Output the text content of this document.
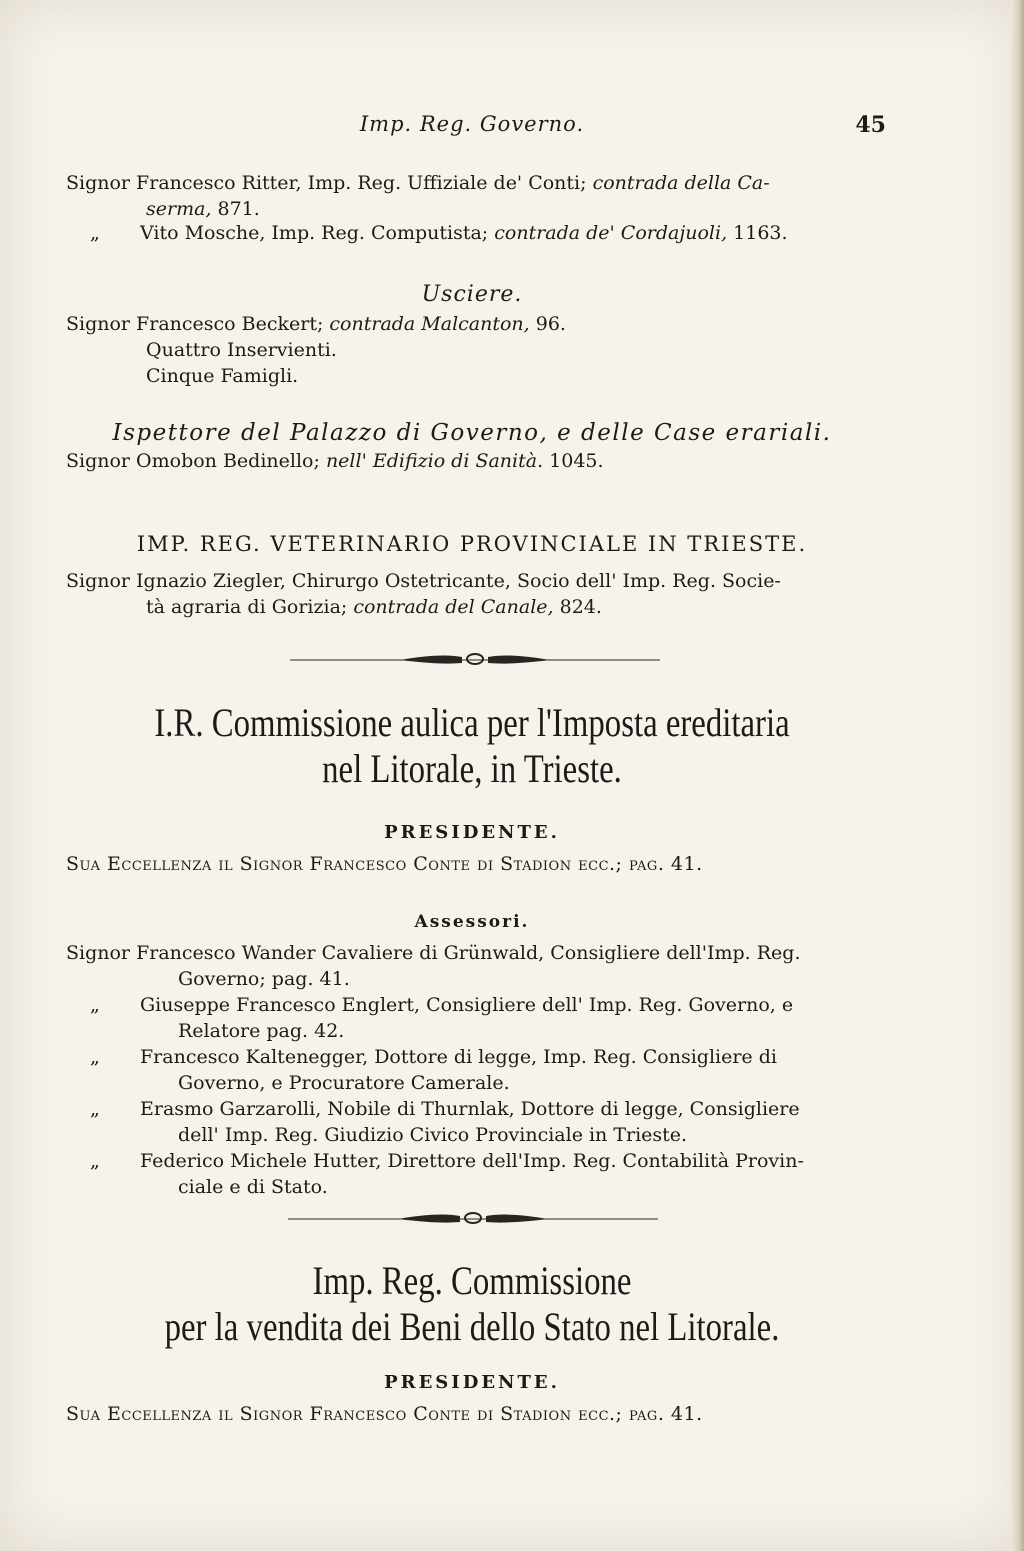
Imp. Reg. Governo.	45
Signor Francesco Ritter, Imp. Reg. Uffiziale de' Conti; contrada della Ca-
serma, 871.
„ Vito Mosche, Imp. Reg. Computista; contrada de' Cordajuoli, 1163.
Usciere.
Signor Francesco Beckert; contrada Malcanton, 96.
Quattro Inservienti.
Cinque Famigli.
Ispettore del Palazzo di Governo, e delle Case erariali.
Signor Omobon Bedinello; nell' Edifizio di Sanità. 1045.
IMP. REG. VETERINARIO PROVINCIALE IN TRIESTE.
Signor Ignazio Ziegler, Chirurgo Ostetricante, Socio dell' Imp. Reg. Socie-
tà agraria di Gorizia; contrada del Canale, 824.
I.R. Commissione aulica per l'Imposta ereditaria
nel Litorale, in Trieste.
PRESIDENTE.
Sua Eccellenza il Signor Francesco Conte di Stadion ecc.; pag. 41.
Assessori.
Signor Francesco Wander Cavaliere di Grünwald, Consigliere dell'Imp. Reg.
Governo; pag. 41.
„ Giuseppe Francesco Englert, Consigliere dell' Imp. Reg. Governo, e
Relatore pag. 42.
„ Francesco Kaltenegger, Dottore di legge, Imp. Reg. Consigliere di
Governo, e Procuratore Camerale.
„ Erasmo Garzarolli, Nobile di Thurnlak, Dottore di legge, Consigliere
dell' Imp. Reg. Giudizio Civico Provinciale in Trieste.
„ Federico Michele Hutter, Direttore dell'Imp. Reg. Contabilità Provin-
ciale e di Stato.
Imp. Reg. Commissione
per la vendita dei Beni dello Stato nel Litorale.
PRESIDENTE.
Sua Eccellenza il Signor Francesco Conte di Stadion ecc.; pag. 41.
